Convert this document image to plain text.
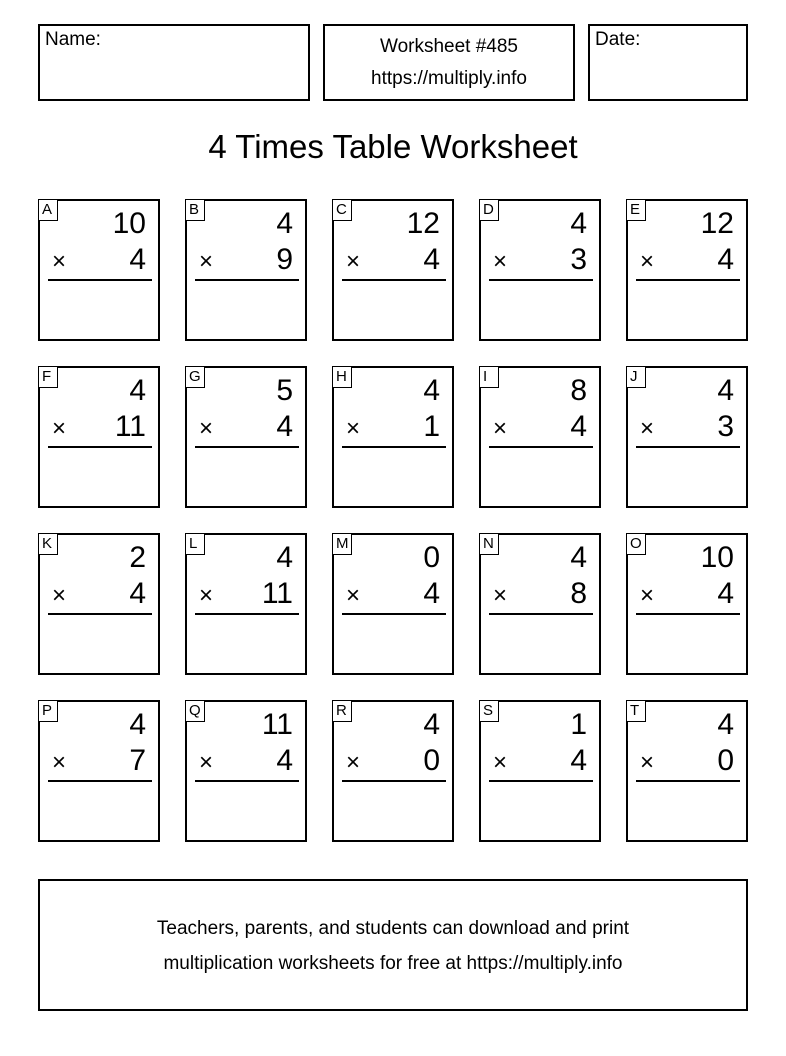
Name:	Worksheet #485
https://multiply.info
Date:
4 Times Table Worksheet
A 10
× 4
B	4
× 9
C 12
× 4
D	4
× 3
E 12
× 4
F	4
× 11
G	5
× 4
H	4
× 1
I	8
× 4
J	4
× 3
K	2
× 4
L	4
× 11
M 0
× 4
N	4
× 8
O 10
× 4
P	4
× 7
Q 11
× 4
R	4
× 0
S	1
× 4
T	4
× 0
Teachers, parents, and students can download and print
multiplication worksheets for free at https://multiply.info
